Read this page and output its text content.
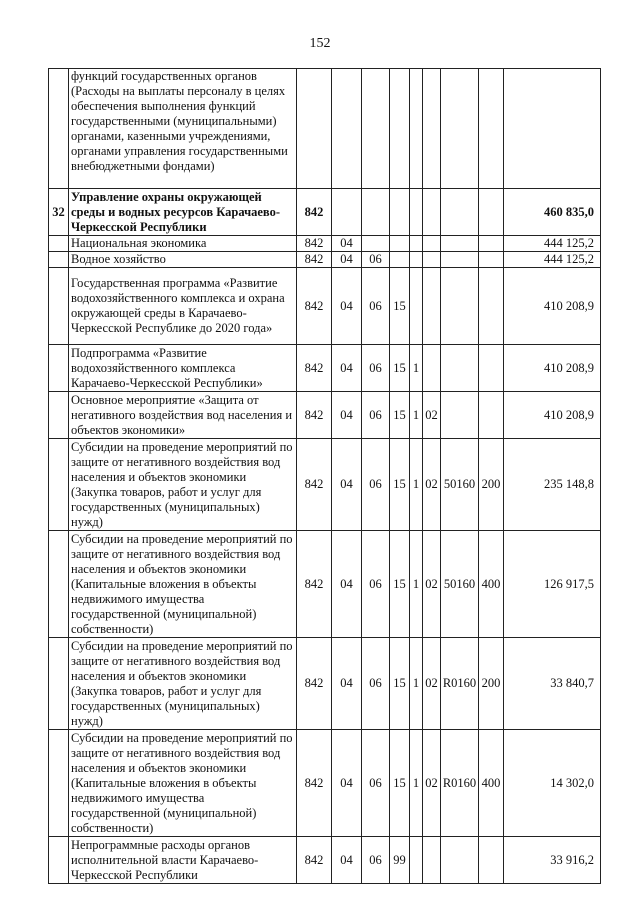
152
	функций государственных органов (Расходы на выплаты персоналу в целях обеспечения выполнения функций государственными (муниципальными) органами, казенными учреждениями, органами управления государственными внебюджетными фондами)									
32	Управление охраны окружающей среды и водных ресурсов Карачаево-Черкесской Республики	842								460 835,0
	Национальная экономика	842	04							444 125,2
	Водное хозяйство	842	04	06						444 125,2
	Государственная программа «Развитие водохозяйственного комплекса и охрана окружающей среды в Карачаево-Черкесской Республике до 2020 года»	842	04	06	15					410 208,9
	Подпрограмма «Развитие водохозяйственного комплекса Карачаево-Черкесской Республики»	842	04	06	15	1				410 208,9
	Основное мероприятие «Защита от негативного воздействия вод населения и объектов экономики»	842	04	06	15	1	02			410 208,9
	Субсидии на проведение мероприятий по защите от негативного воздействия вод населения и объектов экономики (Закупка товаров, работ и услуг для государственных (муниципальных) нужд)	842	04	06	15	1	02	50160	200	235 148,8
	Субсидии на проведение мероприятий по защите от негативного воздействия вод населения и объектов экономики (Капитальные вложения в объекты недвижимого имущества государственной (муниципальной) собственности)	842	04	06	15	1	02	50160	400	126 917,5
	Субсидии на проведение мероприятий по защите от негативного воздействия вод населения и объектов экономики (Закупка товаров, работ и услуг для государственных (муниципальных) нужд)	842	04	06	15	1	02	R0160	200	33 840,7
	Субсидии на проведение мероприятий по защите от негативного воздействия вод населения и объектов экономики (Капитальные вложения в объекты недвижимого имущества государственной (муниципальной) собственности)	842	04	06	15	1	02	R0160	400	14 302,0
	Непрограммные расходы органов исполнительной власти Карачаево-Черкесской Республики	842	04	06	99					33 916,2
